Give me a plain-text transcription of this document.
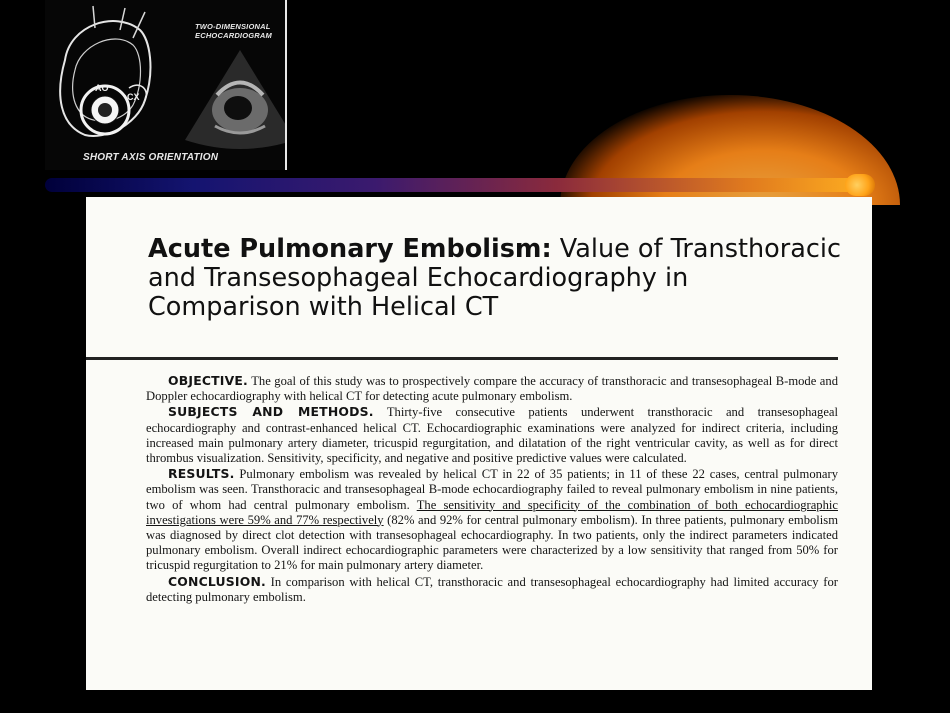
TWO-DIMENSIONAL ECHOCARDIOGRAM
AO
CX
SHORT AXIS ORIENTATION
Acute Pulmonary Embolism: Value of Transthoracic and Transesophageal Echocardiography in Comparison with Helical CT

OBJECTIVE. The goal of this study was to prospectively compare the accuracy of transthoracic and transesophageal B-mode and Doppler echocardiography with helical CT for detecting acute pulmonary embolism.

SUBJECTS AND METHODS. Thirty-five consecutive patients underwent transthoracic and transesophageal echocardiography and contrast-enhanced helical CT. Echocardiographic examinations were analyzed for indirect criteria, including increased main pulmonary artery diameter, tricuspid regurgitation, and dilatation of the right ventricular cavity, as well as for direct thrombus visualization. Sensitivity, specificity, and negative and positive predictive values were calculated.

RESULTS. Pulmonary embolism was revealed by helical CT in 22 of 35 patients; in 11 of these 22 cases, central pulmonary embolism was seen. Transthoracic and transesophageal B-mode echocardiography failed to reveal pulmonary embolism in nine patients, two of whom had central pulmonary embolism. The sensitivity and specificity of the combination of both echocardiographic investigations were 59% and 77% respectively (82% and 92% for central pulmonary embolism). In three patients, pulmonary embolism was diagnosed by direct clot detection with transesophageal echocardiography. In two patients, only the indirect parameters indicated pulmonary embolism. Overall indirect echocardiographic parameters were characterized by a low sensitivity that ranged from 50% for tricuspid regurgitation to 21% for main pulmonary artery diameter.

CONCLUSION. In comparison with helical CT, transthoracic and transesophageal echocardiography had limited accuracy for detecting pulmonary embolism.
